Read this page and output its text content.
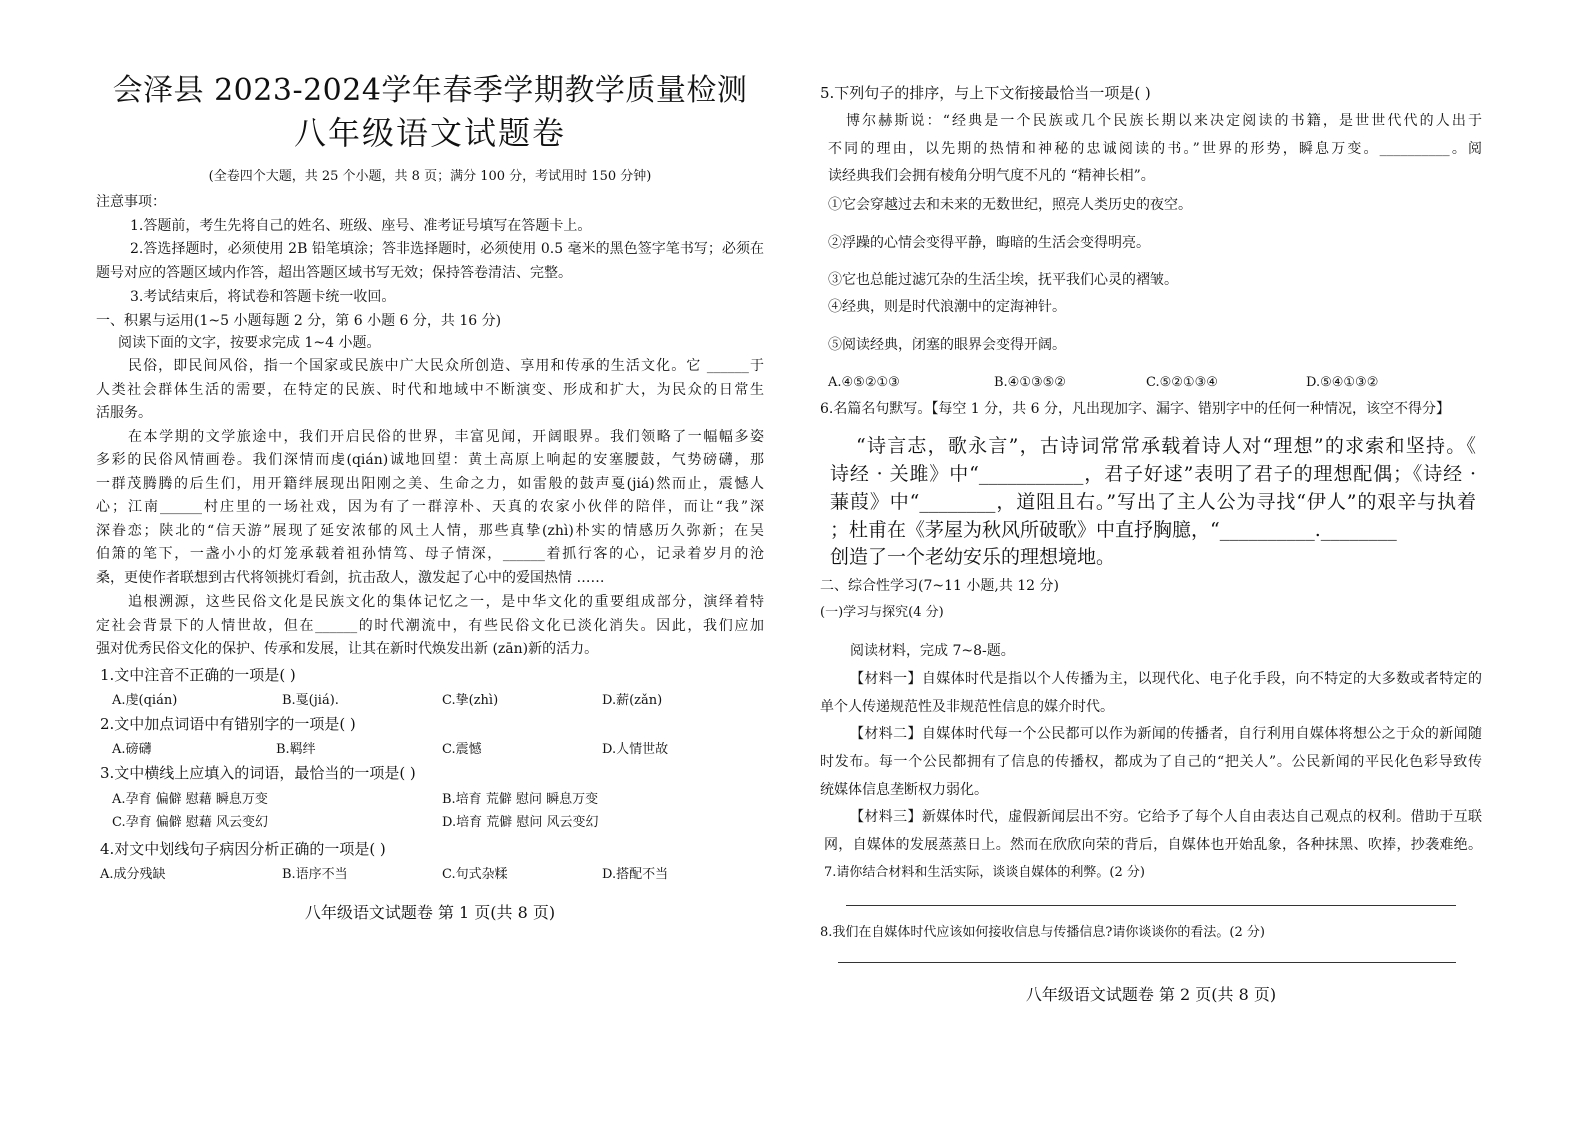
会泽县 2023-2024学年春季学期教学质量检测
八年级语文试题卷
(全卷四个大题，共 25 个小题，共 8 页；满分 100 分，考试用时 150 分钟)
注意事项：
1.答题前，考生先将自己的姓名、班级、座号、准考证号填写在答题卡上。
2.答选择题时，必须使用 2B 铅笔填涂；答非选择题时，必须使用 0.5 毫米的黑色签字笔书写；必须在
题号对应的答题区域内作答，超出答题区域书写无效；保持答卷清洁、完整。
3.考试结束后，将试卷和答题卡统一收回。
一、积累与运用(1~5 小题每题 2 分，第 6 小题 6 分，共 16 分)
阅读下面的文字，按要求完成 1~4 小题。
民俗，即民间风俗，指一个国家或民族中广大民众所创造、享用和传承的生活文化。它 ______于
人类社会群体生活的需要，在特定的民族、时代和地域中不断演变、形成和扩大，为民众的日常生
活服务。
在本学期的文学旅途中，我们开启民俗的世界，丰富见闻，开阔眼界。我们领略了一幅幅多姿
多彩的民俗风情画卷。我们深情而虔(qián)诚地回望：黄土高原上响起的安塞腰鼓，气势磅礴，那
一群茂腾腾的后生们，用开籍绊展现出阳刚之美、生命之力，如雷般的鼓声戛(jiá)然而止，震憾人
心；江南______村庄里的一场社戏，因为有了一群淳朴、天真的农家小伙伴的陪伴，而让“我”深
深眷恋；陕北的“信天游”展现了延安浓郁的风土人情，那些真挚(zhì)朴实的情感历久弥新；在吴
伯箫的笔下，一盏小小的灯笼承载着祖孙情笃、母子情深，______着抓行客的心，记录着岁月的沧
桑，更使作者联想到古代将领挑灯看剑，抗击敌人，激发起了心中的爱国热情 ……
追根溯源，这些民俗文化是民族文化的集体记忆之一，是中华文化的重要组成部分，演绎着特
定社会背景下的人情世故，但在______的时代潮流中，有些民俗文化已淡化消失。因此，我们应加
强对优秀民俗文化的保护、传承和发展，让其在新时代焕发出新 (zān)新的活力。
1.文中注音不正确的一项是( )
A.虔(qián)	B.戛(jiá).	C.挚(zhì)	D.薪(zǎn)
2.文中加点词语中有错别字的一项是( )
A.磅礴	B.羁绊	C.震憾	D.人情世故
3.文中横线上应填入的词语，最恰当的一项是( )
A.孕育 偏僻 慰藉 瞬息万变	B.培育 荒僻 慰问 瞬息万变
C.孕育 偏僻 慰藉 风云变幻	D.培育 荒僻 慰问 风云变幻
4.对文中划线句子病因分析正确的一项是( )
A.成分残缺	B.语序不当	C.句式杂糅	D.搭配不当
八年级语文试题卷 第 1 页(共 8 页)
5.下列句子的排序，与上下文衔接最恰当一项是( )
博尔赫斯说：“经典是一个民族或几个民族长期以来决定阅读的书籍，是世世代代的人出于
不同的理由，以先期的热情和神秘的忠诚阅读的书。”世界的形势，瞬息万变。__________。阅
读经典我们会拥有棱角分明气度不凡的 “精神长相”。
①它会穿越过去和未来的无数世纪，照亮人类历史的夜空。
②浮躁的心情会变得平静，晦暗的生活会变得明亮。
③它也总能过滤冗杂的生活尘埃，抚平我们心灵的褶皱。
④经典，则是时代浪潮中的定海神针。
⑤阅读经典，闭塞的眼界会变得开阔。
A.④⑤②①③	B.④①③⑤②	C.⑤②①③④	D.⑤④①③②
6.名篇名句默写。【每空 1 分，共 6 分，凡出现加字、漏字、错别字中的任何一种情况，该空不得分】
“诗言志，歌永言”，古诗词常常承载着诗人对“理想”的求索和坚持。《
诗经 · 关雎》中“___________，君子好逑”表明了君子的理想配偶；《诗经 ·
蒹葭》中“________，道阻且右。”写出了主人公为寻找“伊人”的艰辛与执着
；杜甫在《茅屋为秋风所破歌》中直抒胸臆，“__________.________
创造了一个老幼安乐的理想境地。
二、综合性学习(7~11 小题,共 12 分)
(一)学习与探究(4 分)
阅读材料，完成 7~8-题。
【材料一】自媒体时代是指以个人传播为主，以现代化、电子化手段，向不特定的大多数或者特定的
单个人传递规范性及非规范性信息的媒介时代。
【材料二】自媒体时代每一个公民都可以作为新闻的传播者，自行利用自媒体将想公之于众的新闻随
时发布。每一个公民都拥有了信息的传播权，都成为了自己的“把关人”。公民新闻的平民化色彩导致传
统媒体信息垄断权力弱化。
【材料三】新媒体时代，虚假新闻层出不穷。它给予了每个人自由表达自己观点的权利。借助于互联
网，自媒体的发展蒸蒸日上。然而在欣欣向荣的背后，自媒体也开始乱象，各种抹黑、吹捧，抄袭难绝。
7.请你结合材料和生活实际，谈谈自媒体的利弊。(2 分)
8.我们在自媒体时代应该如何接收信息与传播信息?请你谈谈你的看法。(2 分)
八年级语文试题卷 第 2 页(共 8 页)
